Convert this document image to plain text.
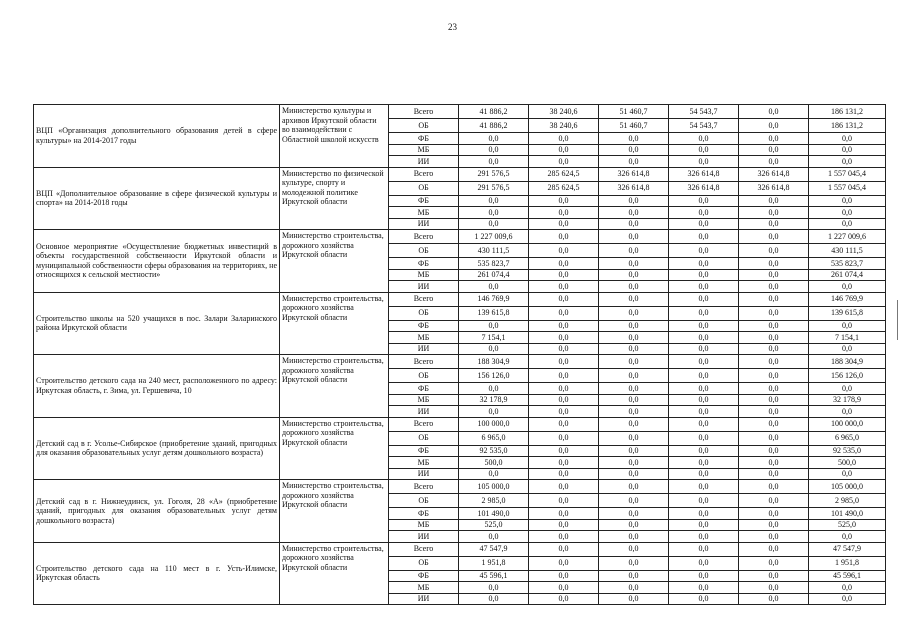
23
ВЦП «Организация дополнительного образования детей в сфере культуры» на 2014-2017 годы	Министерство культуры и архивов Иркутской области во взаимодействии с Областной школой искусств	Всего	41 886,2	38 240,6	51 460,7	54 543,7	0,0	186 131,2
		ОБ	41 886,2	38 240,6	51 460,7	54 543,7	0,0	186 131,2
		ФБ	0,0	0,0	0,0	0,0	0,0	0,0
		МБ	0,0	0,0	0,0	0,0	0,0	0,0
		ИИ	0,0	0,0	0,0	0,0	0,0	0,0
ВЦП «Дополнительное образование в сфере физической культуры и спорта» на 2014-2018 годы	Министерство по физической культуре, спорту и молодежной политике Иркутской области	Всего	291 576,5	285 624,5	326 614,8	326 614,8	326 614,8	1 557 045,4
		ОБ	291 576,5	285 624,5	326 614,8	326 614,8	326 614,8	1 557 045,4
		ФБ	0,0	0,0	0,0	0,0	0,0	0,0
		МБ	0,0	0,0	0,0	0,0	0,0	0,0
		ИИ	0,0	0,0	0,0	0,0	0,0	0,0
Основное мероприятие «Осуществление бюджетных инвестиций в объекты государственной собственности Иркутской области и муниципальной собственности сферы образования на территориях, не относящихся к сельской местности»	Министерство строительства, дорожного хозяйства Иркутской области	Всего	1 227 009,6	0,0	0,0	0,0	0,0	1 227 009,6
		ОБ	430 111,5	0,0	0,0	0,0	0,0	430 111,5
		ФБ	535 823,7	0,0	0,0	0,0	0,0	535 823,7
		МБ	261 074,4	0,0	0,0	0,0	0,0	261 074,4
		ИИ	0,0	0,0	0,0	0,0	0,0	0,0
Строительство школы на 520 учащихся в пос. Залари Заларинского района Иркутской области	Министерство строительства, дорожного хозяйства Иркутской области	Всего	146 769,9	0,0	0,0	0,0	0,0	146 769,9
		ОБ	139 615,8	0,0	0,0	0,0	0,0	139 615,8
		ФБ	0,0	0,0	0,0	0,0	0,0	0,0
		МБ	7 154,1	0,0	0,0	0,0	0,0	7 154,1
		ИИ	0,0	0,0	0,0	0,0	0,0	0,0
Строительство детского сада на 240 мест, расположенного по адресу: Иркутская область, г. Зима, ул. Гершевича, 10	Министерство строительства, дорожного хозяйства Иркутской области	Всего	188 304,9	0,0	0,0	0,0	0,0	188 304,9
		ОБ	156 126,0	0,0	0,0	0,0	0,0	156 126,0
		ФБ	0,0	0,0	0,0	0,0	0,0	0,0
		МБ	32 178,9	0,0	0,0	0,0	0,0	32 178,9
		ИИ	0,0	0,0	0,0	0,0	0,0	0,0
Детский сад в г. Усолье-Сибирское (приобретение зданий, пригодных для оказания образовательных услуг детям дошкольного возраста)	Министерство строительства, дорожного хозяйства Иркутской области	Всего	100 000,0	0,0	0,0	0,0	0,0	100 000,0
		ОБ	6 965,0	0,0	0,0	0,0	0,0	6 965,0
		ФБ	92 535,0	0,0	0,0	0,0	0,0	92 535,0
		МБ	500,0	0,0	0,0	0,0	0,0	500,0
		ИИ	0,0	0,0	0,0	0,0	0,0	0,0
Детский сад в г. Нижнеудинск, ул. Гоголя, 28 «А» (приобретение зданий, пригодных для оказания образовательных услуг детям дошкольного возраста)	Министерство строительства, дорожного хозяйства Иркутской области	Всего	105 000,0	0,0	0,0	0,0	0,0	105 000,0
		ОБ	2 985,0	0,0	0,0	0,0	0,0	2 985,0
		ФБ	101 490,0	0,0	0,0	0,0	0,0	101 490,0
		МБ	525,0	0,0	0,0	0,0	0,0	525,0
		ИИ	0,0	0,0	0,0	0,0	0,0	0,0
Строительство детского сада на 110 мест в г. Усть-Илимске, Иркутская область	Министерство строительства, дорожного хозяйства Иркутской области	Всего	47 547,9	0,0	0,0	0,0	0,0	47 547,9
		ОБ	1 951,8	0,0	0,0	0,0	0,0	1 951,8
		ФБ	45 596,1	0,0	0,0	0,0	0,0	45 596,1
		МБ	0,0	0,0	0,0	0,0	0,0	0,0
		ИИ	0,0	0,0	0,0	0,0	0,0	0,0
